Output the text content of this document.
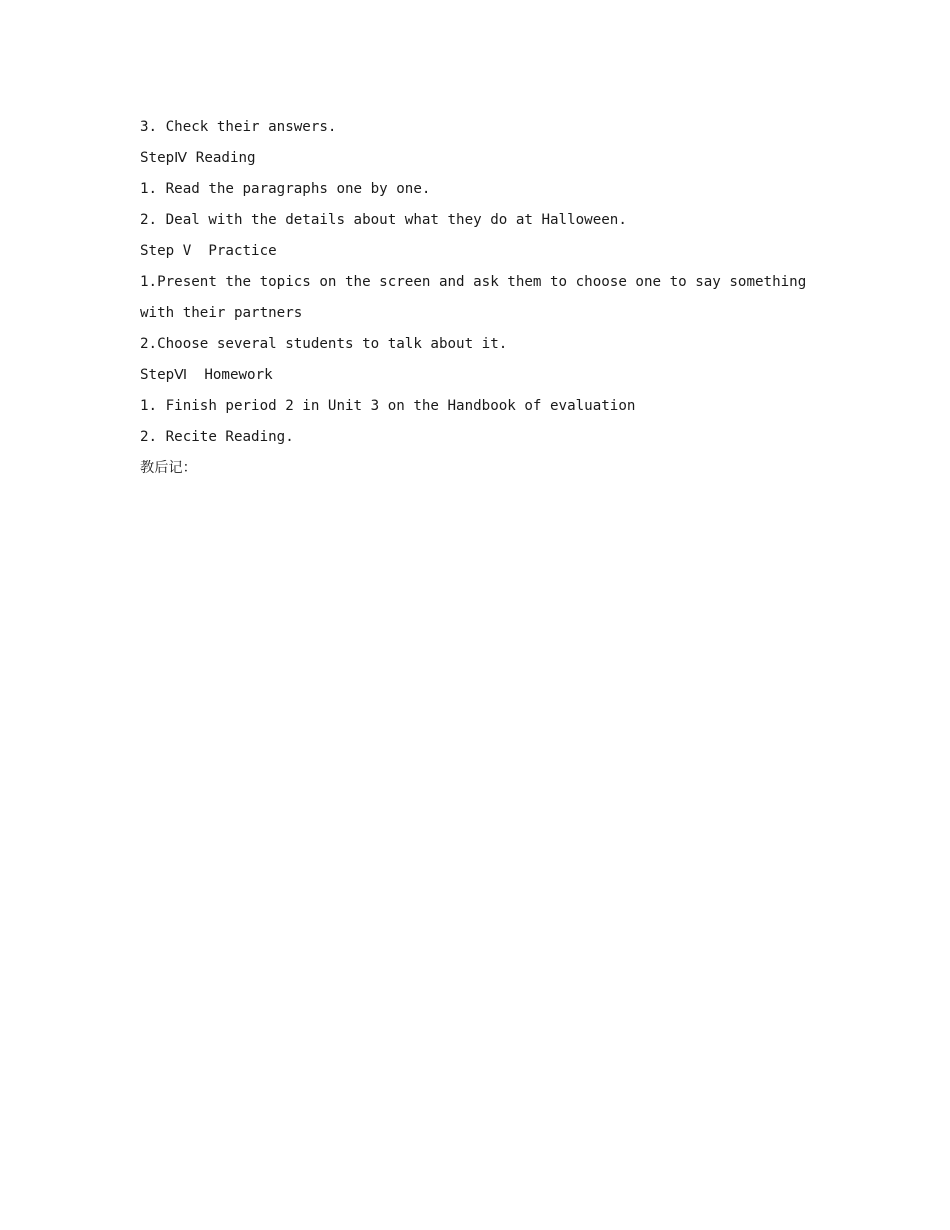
3. Check their answers.
StepⅣ Reading
1. Read the paragraphs one by one.
2. Deal with the details about what they do at Halloween.
Step V  Practice
1.Present the topics on the screen and ask them to choose one to say something
with their partners
2.Choose several students to talk about it.
StepⅥ  Homework
1. Finish period 2 in Unit 3 on the Handbook of evaluation
2. Recite Reading.
教后记：
